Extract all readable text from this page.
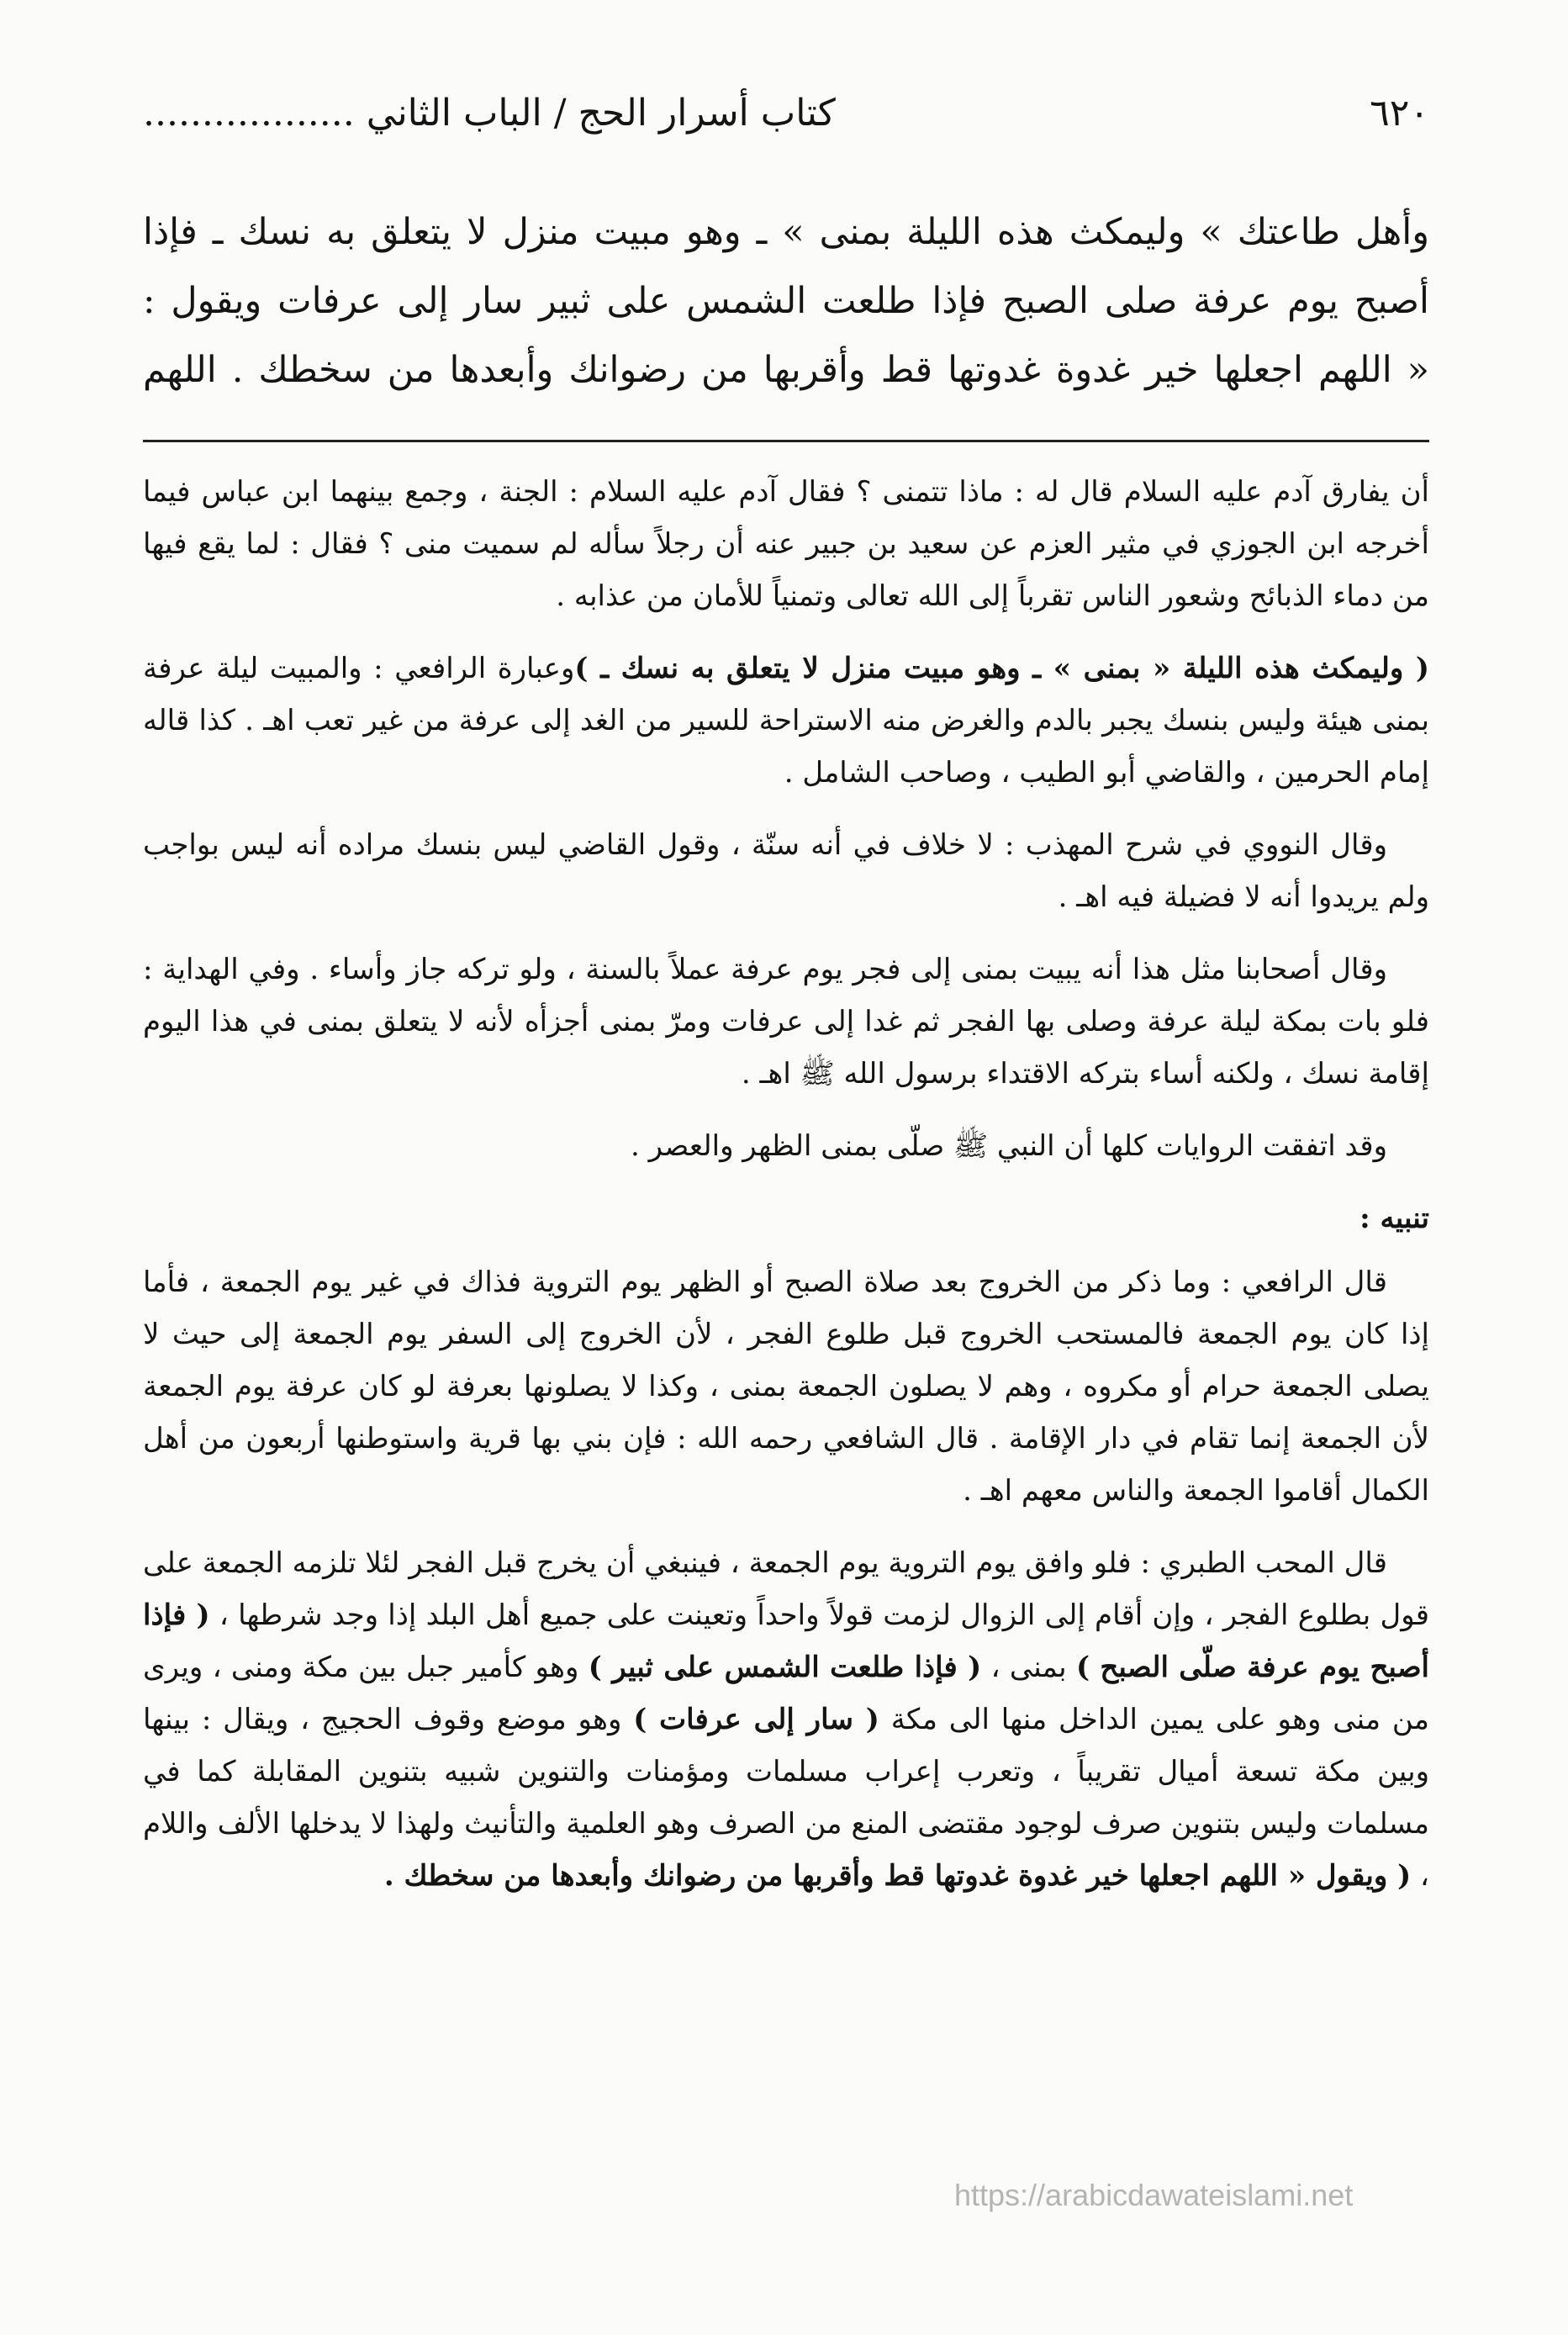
٦٢٠
كتاب أسرار الحج / الباب الثاني ..................

وأهل طاعتك » وليمكث هذه الليلة بمنى » ـ وهو مبيت منزل لا يتعلق به نسك ـ فإذا

أصبح يوم عرفة صلى الصبح فإذا طلعت الشمس على ثبير سار إلى عرفات ويقول :

« اللهم اجعلها خير غدوة غدوتها قط وأقربها من رضوانك وأبعدها من سخطك . اللهم

أن يفارق آدم عليه السلام قال له : ماذا تتمنى ؟ فقال آدم عليه السلام : الجنة ، وجمع بينهما ابن عباس فيما أخرجه ابن الجوزي في مثير العزم عن سعيد بن جبير عنه أن رجلاً سأله لم سميت منى ؟ فقال : لما يقع فيها من دماء الذبائح وشعور الناس تقرباً إلى الله تعالى وتمنياً للأمان من عذابه .

( وليمكث هذه الليلة « بمنى » ـ وهو مبيت منزل لا يتعلق به نسك ـ )وعبارة الرافعي : والمبيت ليلة عرفة بمنى هيئة وليس بنسك يجبر بالدم والغرض منه الاستراحة للسير من الغد إلى عرفة من غير تعب اهـ . كذا قاله إمام الحرمين ، والقاضي أبو الطيب ، وصاحب الشامل .

وقال النووي في شرح المهذب : لا خلاف في أنه سنّة ، وقول القاضي ليس بنسك مراده أنه ليس بواجب ولم يريدوا أنه لا فضيلة فيه اهـ .

وقال أصحابنا مثل هذا أنه يبيت بمنى إلى فجر يوم عرفة عملاً بالسنة ، ولو تركه جاز وأساء . وفي الهداية : فلو بات بمكة ليلة عرفة وصلى بها الفجر ثم غدا إلى عرفات ومرّ بمنى أجزأه لأنه لا يتعلق بمنى في هذا اليوم إقامة نسك ، ولكنه أساء بتركه الاقتداء برسول الله ﷺ اهـ .

وقد اتفقت الروايات كلها أن النبي ﷺ صلّى بمنى الظهر والعصر .

تنبيه :

قال الرافعي : وما ذكر من الخروج بعد صلاة الصبح أو الظهر يوم التروية فذاك في غير يوم الجمعة ، فأما إذا كان يوم الجمعة فالمستحب الخروج قبل طلوع الفجر ، لأن الخروج إلى السفر يوم الجمعة إلى حيث لا يصلى الجمعة حرام أو مكروه ، وهم لا يصلون الجمعة بمنى ، وكذا لا يصلونها بعرفة لو كان عرفة يوم الجمعة لأن الجمعة إنما تقام في دار الإقامة . قال الشافعي رحمه الله : فإن بني بها قرية واستوطنها أربعون من أهل الكمال أقاموا الجمعة والناس معهم اهـ .

قال المحب الطبري : فلو وافق يوم التروية يوم الجمعة ، فينبغي أن يخرج قبل الفجر لئلا تلزمه الجمعة على قول بطلوع الفجر ، وإن أقام إلى الزوال لزمت قولاً واحداً وتعينت على جميع أهل البلد إذا وجد شرطها ، ( فإذا أصبح يوم عرفة صلّى الصبح ) بمنى ، ( فإذا طلعت الشمس على ثبير ) وهو كأمير جبل بين مكة ومنى ، ويرى من منى وهو على يمين الداخل منها الى مكة ( سار إلى عرفات ) وهو موضع وقوف الحجيج ، ويقال : بينها وبين مكة تسعة أميال تقريباً ، وتعرب إعراب مسلمات ومؤمنات والتنوين شبيه بتنوين المقابلة كما في مسلمات وليس بتنوين صرف لوجود مقتضى المنع من الصرف وهو العلمية والتأنيث ولهذا لا يدخلها الألف واللام ، ( ويقول « اللهم اجعلها خير غدوة غدوتها قط وأقربها من رضوانك وأبعدها من سخطك .

https://arabicdawateislami.net
